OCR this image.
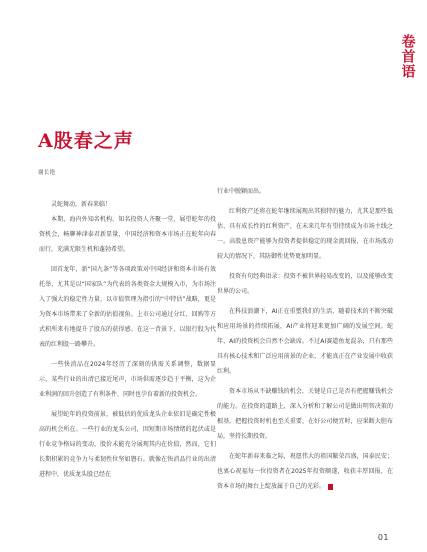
卷首语
A股春之声

谢长艳

灵蛇舞动，新春来临！

本期，海内外知名机构、知名投资人齐聚一堂，展望蛇年的投资机会，畅聊神津泰君新显量，中国经济和资本市场正在蛇年向春而行，充满无限生机和蓬勃希望。

回首龙年，新“国九条”等各项政策对中国经济和资本市场有效托举，尤其是以“国家队”为代表的各类资金大规模入市，为市场注入了强大的稳定性力量，以市值管理为指引的“中特估”战略，更是为资本市场带来了全新的估值视角。上市公司通过分红、回购等方式积所来有地提升了股东的获得感。在这一背景下，以银行股为代表的红利股一路攀升。

一些快消品在2024年经历了深刻的供需关系调整，数据显示，某些行业的出清已接近尾声，市场供需逐步趋于平衡，这为企业利润的回升创造了有利条件，同时也孕育着新的投资机会。

展望蛇年的投资前景，被低估的优质龙头企业依旧是确定性极高的机会所在。一些行业的龙头公司，因短期市场情绪的起伏或是行业竞争格局的变动，股价未能充分展现其内在价值，然而，它们长期积累的竞争力与柔韧性位坚如磐石。就像在快消品行业的出清进程中，优质龙头股已经在

行业中脱颖而出。

红利资产还将在蛇年继续展现出其独特的魅力，尤其是那些低估、具有成长性的红利资产，在未来几年有望持续成为市场主线之一。高股息资产能够为投资者提供稳定的现金流回报，在市场波动较大的情况下，其防御性优势更加明显。

投资有句经典语录：投资不被世界轻易改变的，以及能够改变世界的公司。

在科技浪潮下，AI正在重塑我们的生活，随着技术的不断突破和应用场景的持续拓展，AI产业将迎来更加广阔的发展空间。蛇年，AI的投资机会自然不会缺席。不过AI赛道鱼龙混杂，只有那些具有核心技术和广泛应用前景的企业，才能真正在产业发展中收获红利。

资本市场从不缺赚钱的机会，关键是自己是否有把握赚钱机会的能力。在投资的道路上，深入分析和了解公司是做出明智决策的根基。把握投资时机也至关重要，在好公司便宜时，应果断大胆布局，坚持长期投资。

在蛇年新春来临之际，祝愿伟大的祖国繁荣昌盛，国泰民安；也衷心祝福每一位投资者在2025年投资顺遂，收获丰厚回报，在资本市场的舞台上绽放属于自己的光彩。

01
